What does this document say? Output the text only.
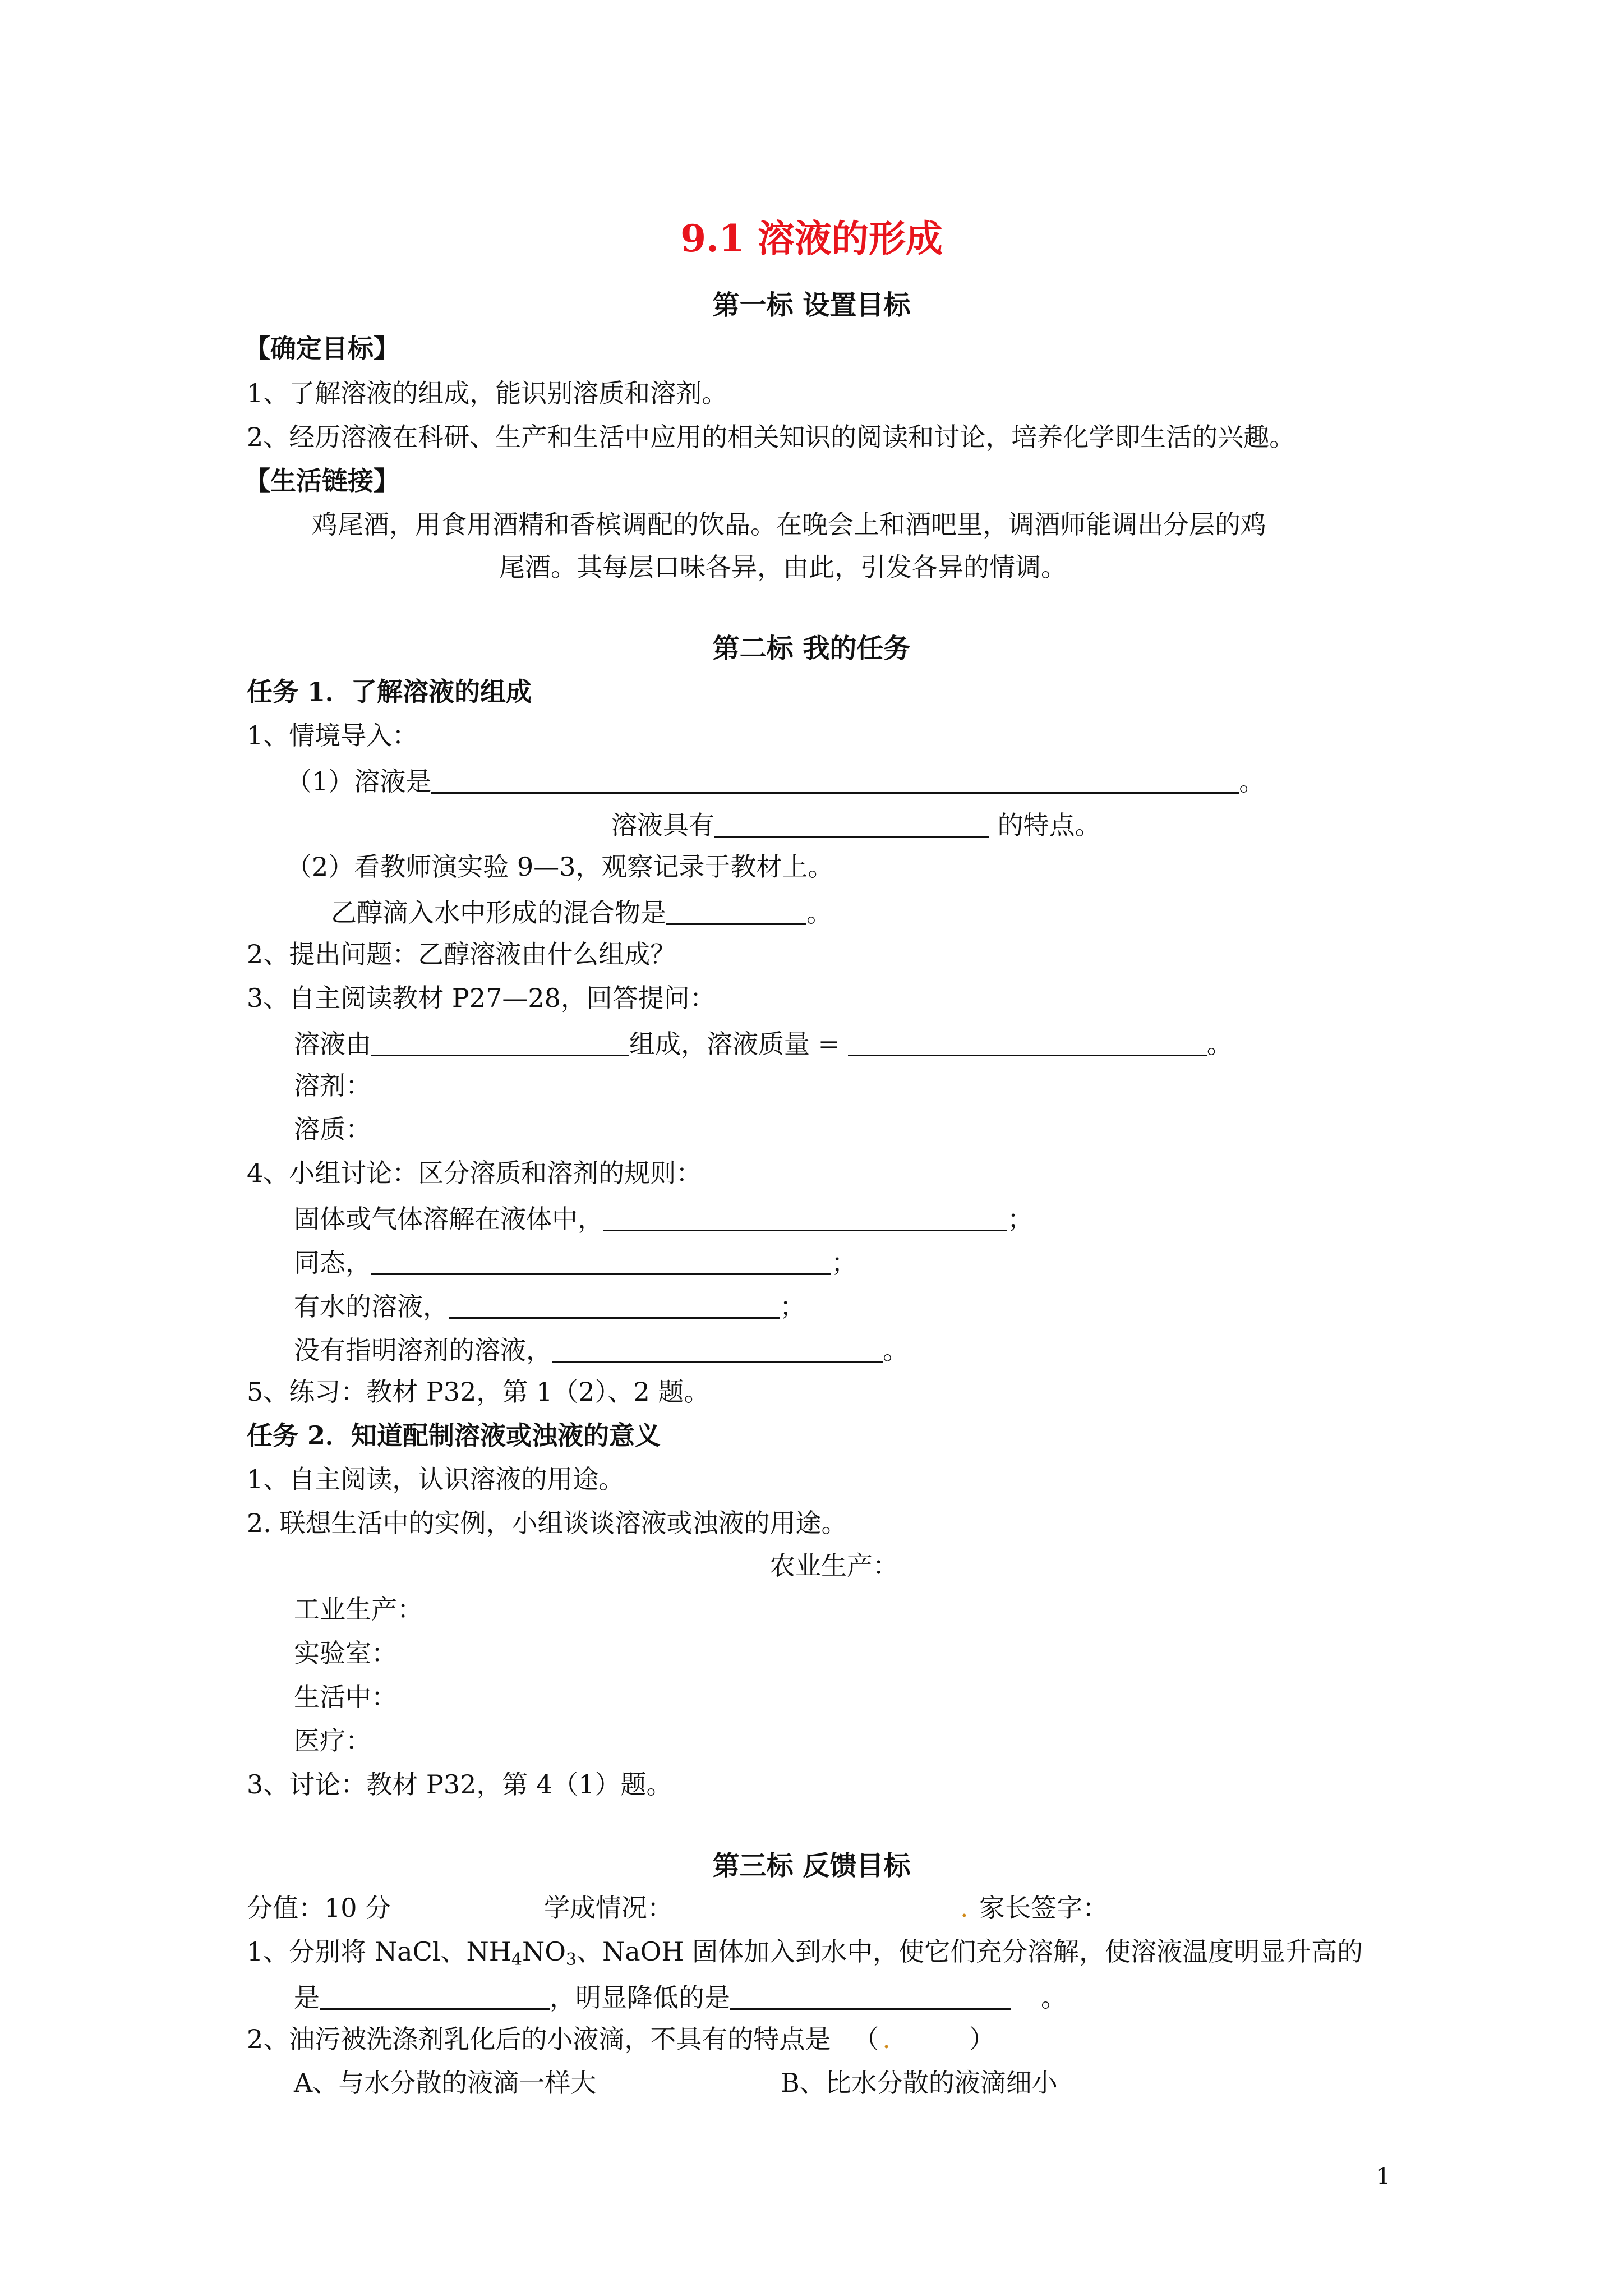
9.1 溶液的形成
第一标 设置目标
【确定目标】
1、了解溶液的组成，能识别溶质和溶剂。
2、经历溶液在科研、生产和生活中应用的相关知识的阅读和讨论，培养化学即生活的兴趣。
【生活链接】
鸡尾酒，用食用酒精和香槟调配的饮品。在晚会上和酒吧里，调酒师能调出分层的鸡
尾酒。其每层口味各异，由此，引发各异的情调。
第二标 我的任务
任务 1．了解溶液的组成
1、情境导入：
（1）溶液是	。
溶液具有	的特点。
（2）看教师演实验 9—3，观察记录于教材上。
乙醇滴入水中形成的混合物是	。
2、提出问题：乙醇溶液由什么组成？
3、自主阅读教材 P27—28，回答提问：
溶液由	组成，溶液质量 =	。
溶剂：
溶质：
4、小组讨论：区分溶质和溶剂的规则：
固体或气体溶解在液体中，	；
同态，	；
有水的溶液，	；
没有指明溶剂的溶液，	。
5、练习：教材 P32，第 1（2）、2 题。
任务 2．知道配制溶液或浊液的意义
1、自主阅读，认识溶液的用途。
2. 联想生活中的实例，小组谈谈溶液或浊液的用途。
农业生产：
工业生产：
实验室：
生活中：
医疗：
3、讨论：教材 P32，第 4（1）题。
第三标 反馈目标
分值：10 分	学成情况：	. 家长签字：
1、分别将 NaCl、NH4NO3、NaOH 固体加入到水中，使它们充分溶解，使溶液温度明显升高的
是	，明显降低的是	。
2、油污被洗涤剂乳化后的小液滴，不具有的特点是 （ .	）
A、与水分散的液滴一样大	B、比水分散的液滴细小
1
